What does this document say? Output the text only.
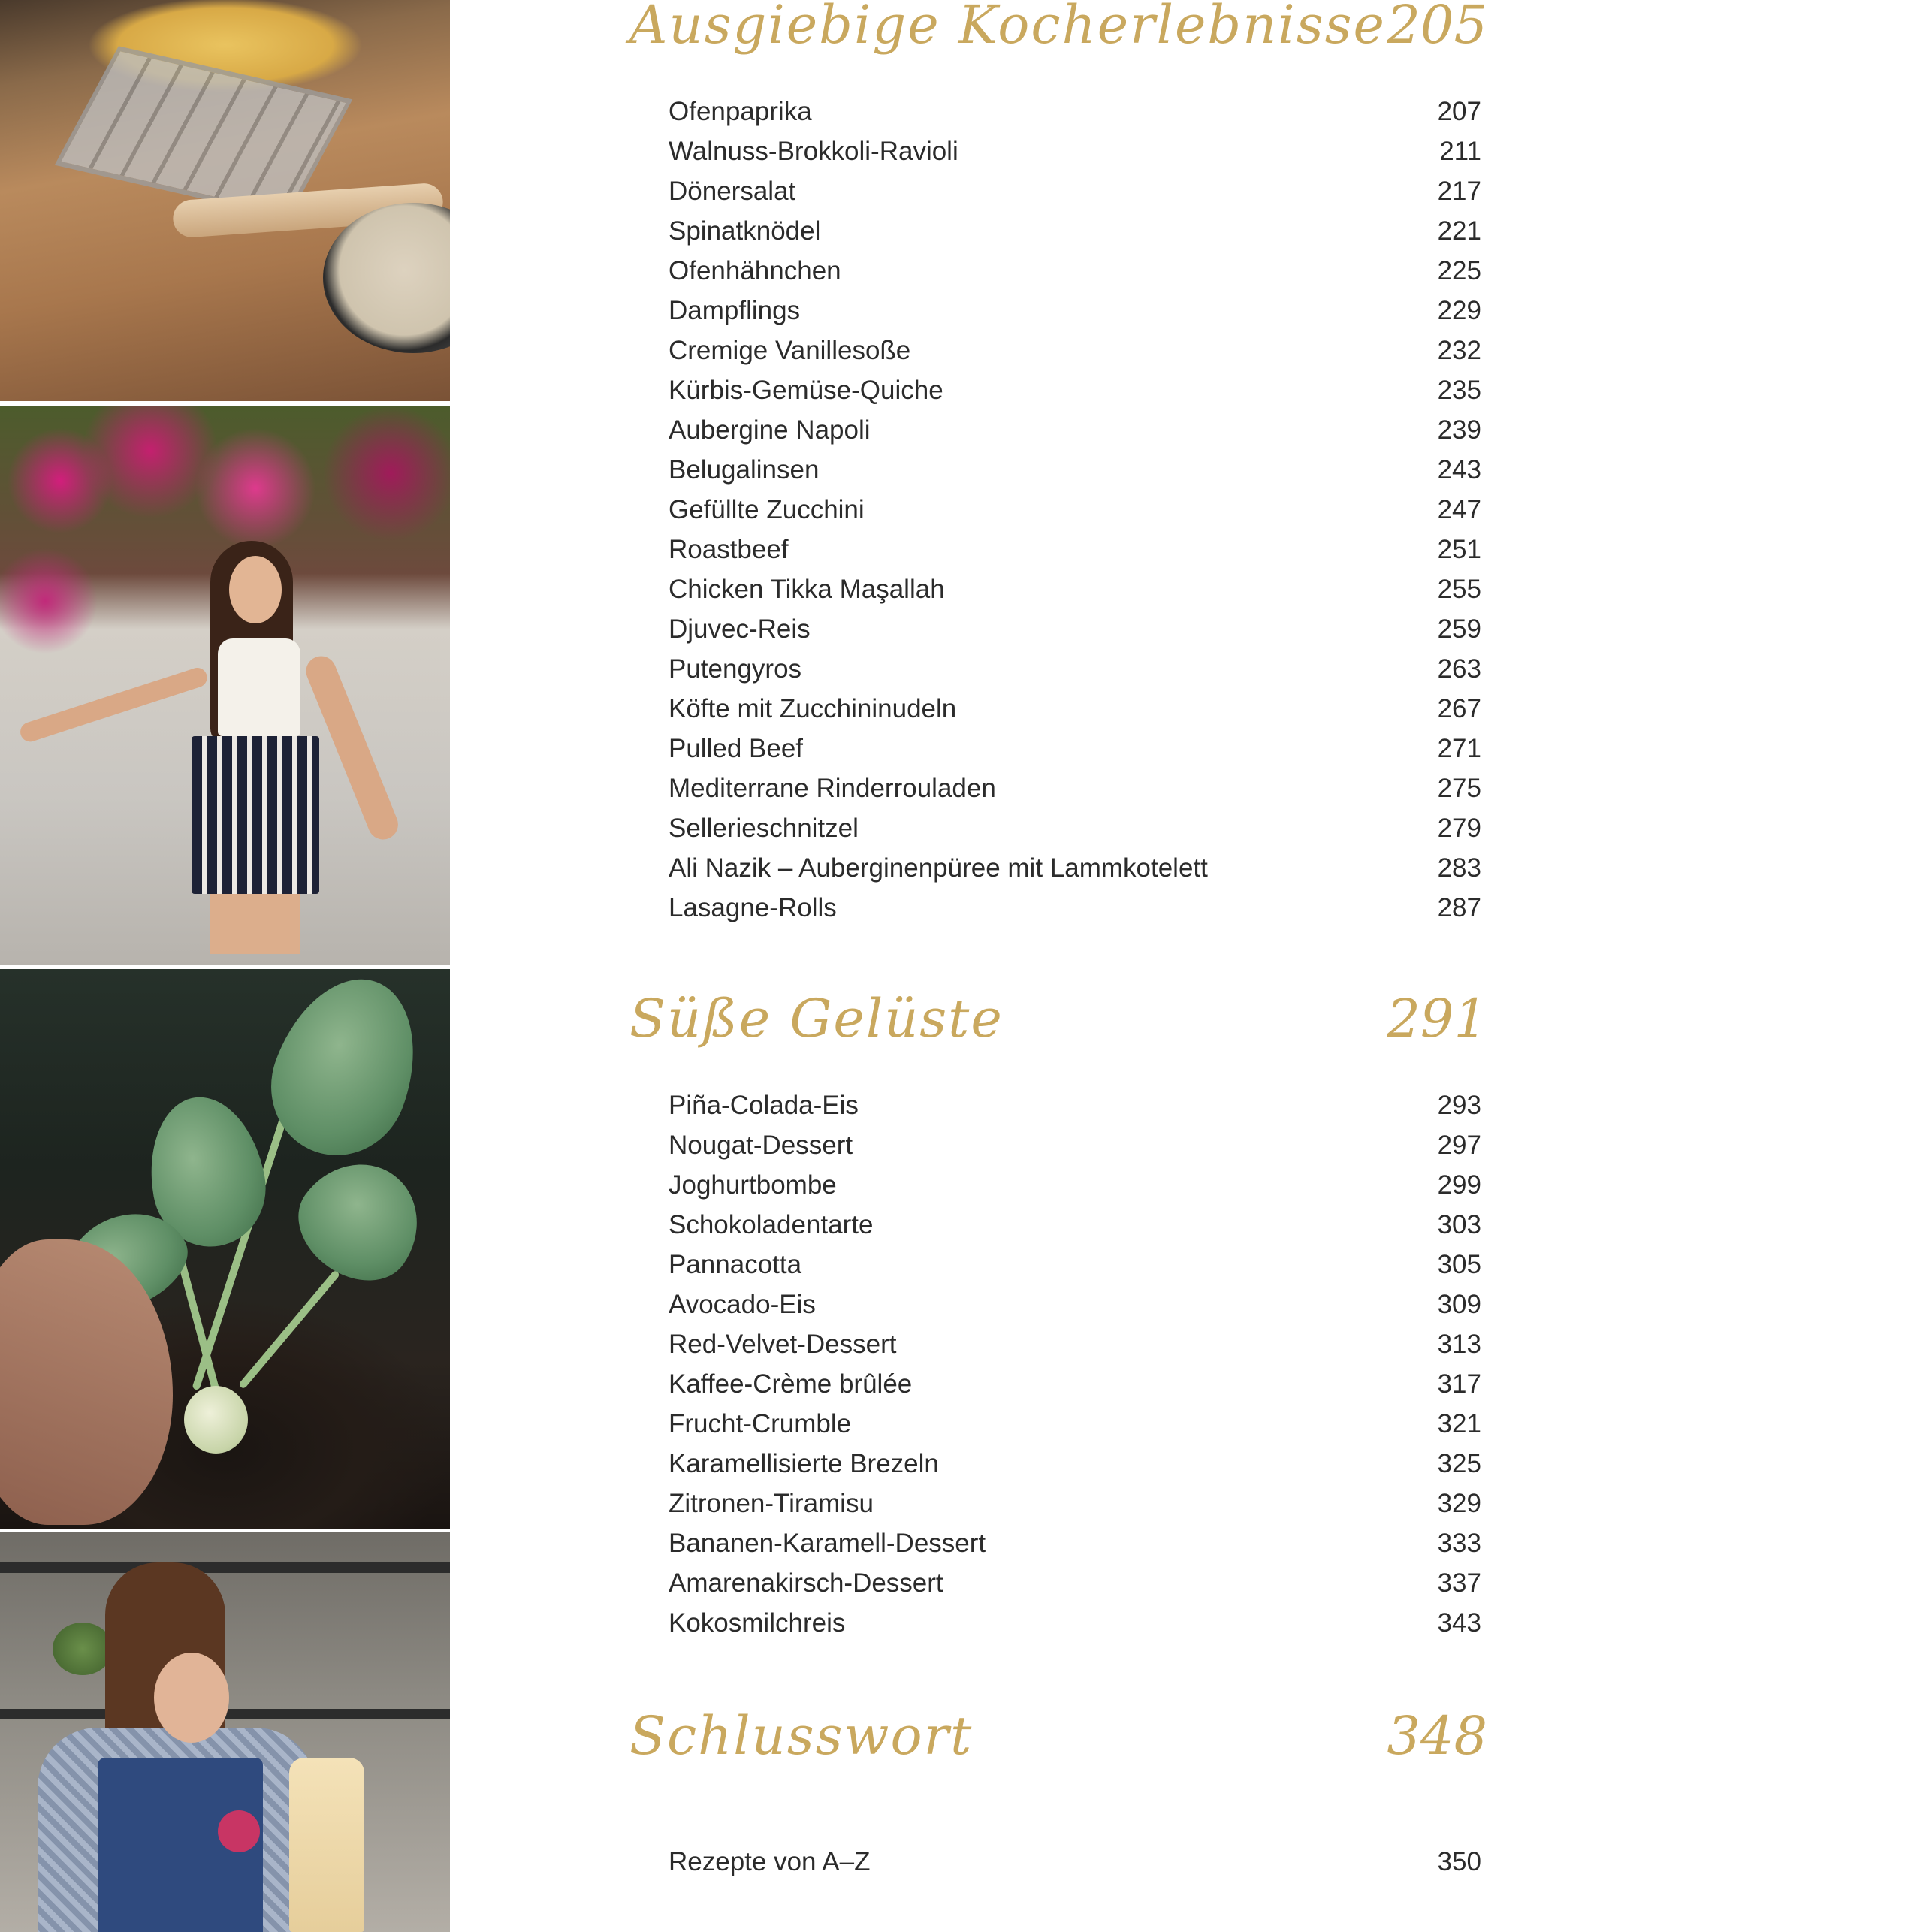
Ausgiebige Kocherlebnisse 205
Ofenpaprika	207
Walnuss-Brokkoli-Ravioli	211
Dönersalat	217
Spinatknödel	221
Ofenhähnchen	225
Dampflings	229
Cremige Vanillesoße	232
Kürbis-Gemüse-Quiche	235
Aubergine Napoli	239
Belugalinsen	243
Gefüllte Zucchini	247
Roastbeef	251
Chicken Tikka Maşallah	255
Djuvec-Reis	259
Putengyros	263
Köfte mit Zucchininudeln	267
Pulled Beef	271
Mediterrane Rinderrouladen	275
Sellerieschnitzel	279
Ali Nazik – Auberginenpüree mit Lammkotelett	283
Lasagne-Rolls	287
Süße Gelüste	291
Piña-Colada-Eis	293
Nougat-Dessert	297
Joghurtbombe	299
Schokoladentarte	303
Pannacotta	305
Avocado-Eis	309
Red-Velvet-Dessert	313
Kaffee-Crème brûlée	317
Frucht-Crumble	321
Karamellisierte Brezeln	325
Zitronen-Tiramisu	329
Bananen-Karamell-Dessert	333
Amarenakirsch-Dessert	337
Kokosmilchreis	343
Schlusswort	348
Rezepte von A–Z	350
